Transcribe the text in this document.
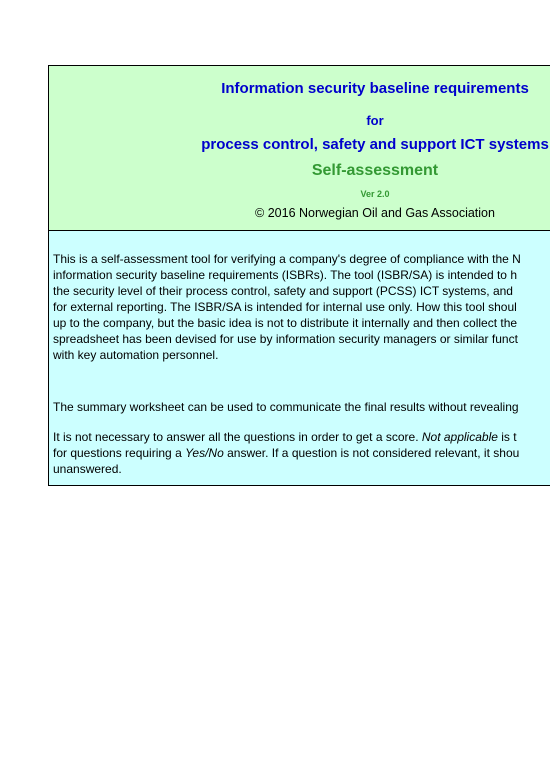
Information security baseline requirements
for
process control, safety and support ICT systems
Self-assessment
Ver 2.0
© 2016 Norwegian Oil and Gas Association

This is a self-assessment tool for verifying a company's degree of compliance with the N

information security baseline requirements (ISBRs). The tool (ISBR/SA) is intended to h

the security level of their process control, safety and support (PCSS) ICT systems, and

for external reporting. The ISBR/SA is intended for internal use only. How this tool shoul

up to the company, but the basic idea is not to distribute it internally and then collect the

spreadsheet has been devised for use by information security managers or similar funct

with key automation personnel.

The summary worksheet can be used to communicate the final results without revealing

It is not necessary to answer all the questions in order to get a score. Not applicable is t

for questions requiring a Yes/No answer. If a question is not considered relevant, it shou

unanswered.
